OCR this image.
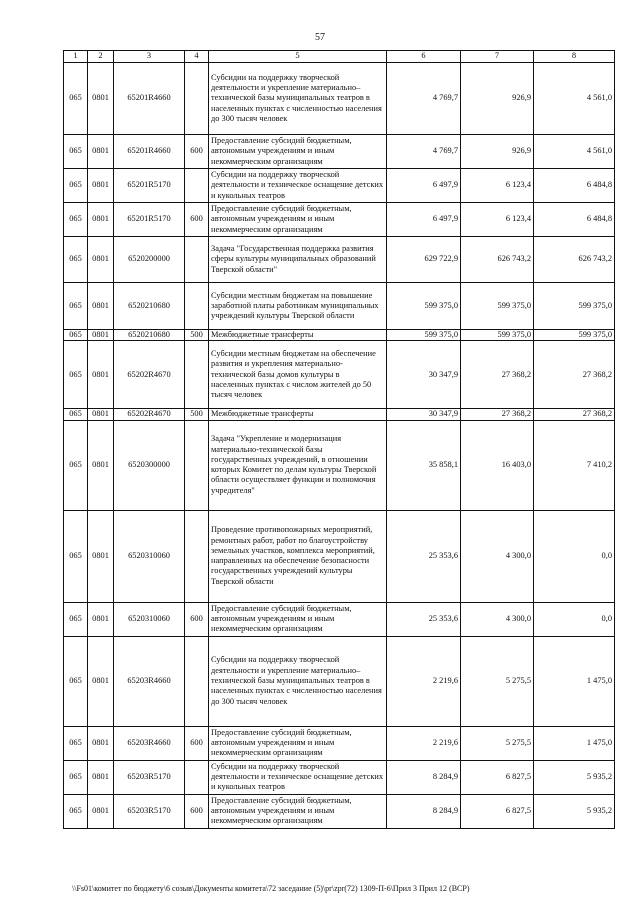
57
1	2	3	4	5	6	7	8
065	0801	65201R4660		Субсидии на поддержку творческой деятельности и укрепление материально–технической базы муниципальных театров в населенных пунктах с численностью населения до 300 тысяч человек	4 769,7	926,9	4 561,0
065	0801	65201R4660	600	Предоставление субсидий бюджетным, автономным учреждениям и иным некоммерческим организациям	4 769,7	926,9	4 561,0
065	0801	65201R5170		Субсидии на поддержку творческой деятельности и техническое оснащение детских и кукольных театров	6 497,9	6 123,4	6 484,8
065	0801	65201R5170	600	Предоставление субсидий бюджетным, автономным учреждениям и иным некоммерческим организациям	6 497,9	6 123,4	6 484,8
065	0801	6520200000		Задача "Государственная поддержка развития сферы культуры муниципальных образований Тверской области"	629 722,9	626 743,2	626 743,2
065	0801	6520210680		Субсидии местным бюджетам на повышение заработной платы работникам муниципальных учреждений культуры Тверской области	599 375,0	599 375,0	599 375,0
065	0801	6520210680	500	Межбюджетные трансферты	599 375,0	599 375,0	599 375,0
065	0801	65202R4670		Субсидии местным бюджетам на обеспечение развития и укрепления материально-технической базы домов культуры в населенных пунктах с числом жителей до 50 тысяч человек	30 347,9	27 368,2	27 368,2
065	0801	65202R4670	500	Межбюджетные трансферты	30 347,9	27 368,2	27 368,2
065	0801	6520300000		Задача "Укрепление и модернизация материально-технической базы государственных учреждений, в отношении которых Комитет по делам культуры Тверской области осуществляет функции и полномочия учредителя"	35 858,1	16 403,0	7 410,2
065	0801	6520310060		Проведение противопожарных мероприятий, ремонтных работ, работ по благоустройству земельных участков, комплекса мероприятий, направленных на обеспечение безопасности государственных учреждений культуры Тверской области	25 353,6	4 300,0	0,0
065	0801	6520310060	600	Предоставление субсидий бюджетным, автономным учреждениям и иным некоммерческим организациям	25 353,6	4 300,0	0,0
065	0801	65203R4660		Субсидии на поддержку творческой деятельности и укрепление материально–технической базы муниципальных театров в населенных пунктах с численностью населения до 300 тысяч человек	2 219,6	5 275,5	1 475,0
065	0801	65203R4660	600	Предоставление субсидий бюджетным, автономным учреждениям и иным некоммерческим организациям	2 219,6	5 275,5	1 475,0
065	0801	65203R5170		Субсидии на поддержку творческой деятельности и техническое оснащение детских и кукольных театров	8 284,9	6 827,5	5 935,2
065	0801	65203R5170	600	Предоставление субсидий бюджетным, автономным учреждениям и иным некоммерческим организациям	8 284,9	6 827,5	5 935,2
\\Fs01\комитет по бюджету\6 созыв\Документы комитета\72 заседание (5)\pr\zpr(72) 1309-П-6\Прил 3 Прил 12 (ВСР)
